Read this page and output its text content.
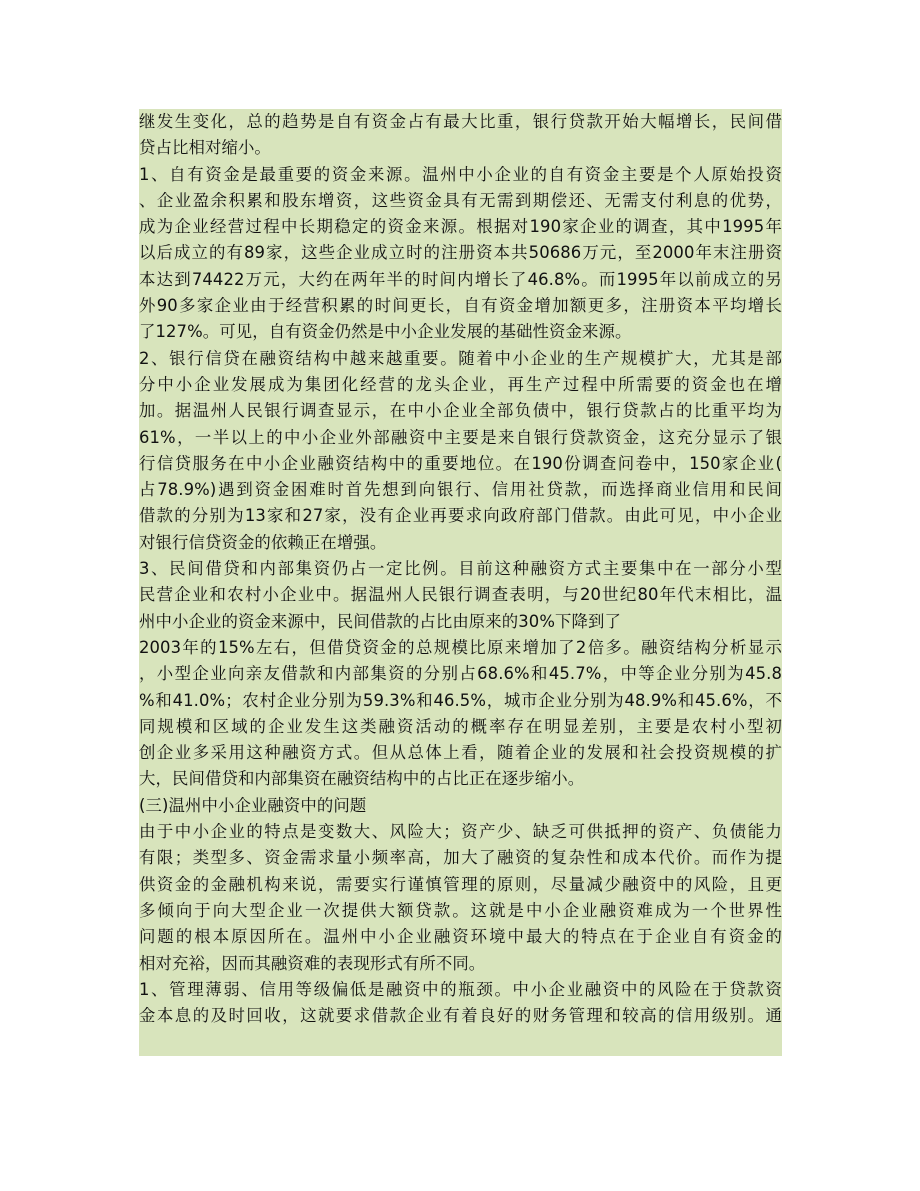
继发生变化，总的趋势是自有资金占有最大比重，银行贷款开始大幅增长，民间借
贷占比相对缩小。
1、自有资金是最重要的资金来源。温州中小企业的自有资金主要是个人原始投资
、企业盈余积累和股东增资，这些资金具有无需到期偿还、无需支付利息的优势，
成为企业经营过程中长期稳定的资金来源。根据对190家企业的调查，其中1995年
以后成立的有89家，这些企业成立时的注册资本共50686万元，至2000年末注册资
本达到74422万元，大约在两年半的时间内增长了46.8%。而1995年以前成立的另
外90多家企业由于经营积累的时间更长，自有资金增加额更多，注册资本平均增长
了127%。可见，自有资金仍然是中小企业发展的基础性资金来源。
2、银行信贷在融资结构中越来越重要。随着中小企业的生产规模扩大，尤其是部
分中小企业发展成为集团化经营的龙头企业，再生产过程中所需要的资金也在增
加。据温州人民银行调查显示，在中小企业全部负债中，银行贷款占的比重平均为
61%，一半以上的中小企业外部融资中主要是来自银行贷款资金，这充分显示了银
行信贷服务在中小企业融资结构中的重要地位。在190份调查问卷中，150家企业(
占78.9%)遇到资金困难时首先想到向银行、信用社贷款，而选择商业信用和民间
借款的分别为13家和27家，没有企业再要求向政府部门借款。由此可见，中小企业
对银行信贷资金的依赖正在增强。
3、民间借贷和内部集资仍占一定比例。目前这种融资方式主要集中在一部分小型
民营企业和农村小企业中。据温州人民银行调查表明，与20世纪80年代末相比，温
州中小企业的资金来源中，民间借款的占比由原来的30%下降到了
2003年的15%左右，但借贷资金的总规模比原来增加了2倍多。融资结构分析显示
，小型企业向亲友借款和内部集资的分别占68.6%和45.7%，中等企业分别为45.8
%和41.0%；农村企业分别为59.3%和46.5%，城市企业分别为48.9%和45.6%，不
同规模和区域的企业发生这类融资活动的概率存在明显差别，主要是农村小型初
创企业多采用这种融资方式。但从总体上看，随着企业的发展和社会投资规模的扩
大，民间借贷和内部集资在融资结构中的占比正在逐步缩小。
(三)温州中小企业融资中的问题
由于中小企业的特点是变数大、风险大；资产少、缺乏可供抵押的资产、负债能力
有限；类型多、资金需求量小频率高，加大了融资的复杂性和成本代价。而作为提
供资金的金融机构来说，需要实行谨慎管理的原则，尽量减少融资中的风险，且更
多倾向于向大型企业一次提供大额贷款。这就是中小企业融资难成为一个世界性
问题的根本原因所在。温州中小企业融资环境中最大的特点在于企业自有资金的
相对充裕，因而其融资难的表现形式有所不同。
1、管理薄弱、信用等级偏低是融资中的瓶颈。中小企业融资中的风险在于贷款资
金本息的及时回收，这就要求借款企业有着良好的财务管理和较高的信用级别。通
